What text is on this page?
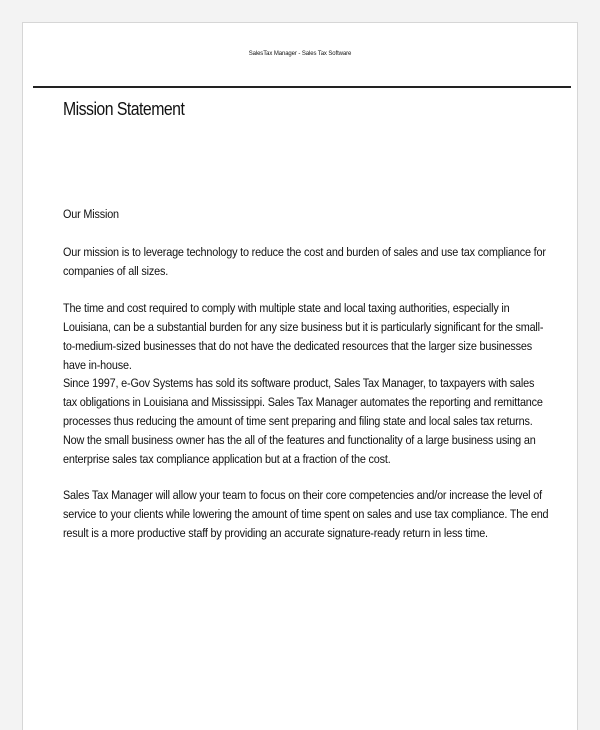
SalesTax Manager - Sales Tax Software
Mission Statement

Our Mission

Our mission is to leverage technology to reduce the cost and burden of sales and use tax compliance for companies of all sizes.

The time and cost required to comply with multiple state and local taxing authorities, especially in Louisiana, can be a substantial burden for any size business but it is particularly significant for the small-to-medium-sized businesses that do not have the dedicated resources that the larger size businesses have in-house.

Since 1997, e-Gov Systems has sold its software product, Sales Tax Manager, to taxpayers with sales tax obligations in Louisiana and Mississippi. Sales Tax Manager automates the reporting and remittance processes thus reducing the amount of time sent preparing and filing state and local sales tax returns. Now the small business owner has the all of the features and functionality of a large business using an enterprise sales tax compliance application but at a fraction of the cost.

Sales Tax Manager will allow your team to focus on their core competencies and/or increase the level of service to your clients while lowering the amount of time spent on sales and use tax compliance. The end result is a more productive staff by providing an accurate signature-ready return in less time.
